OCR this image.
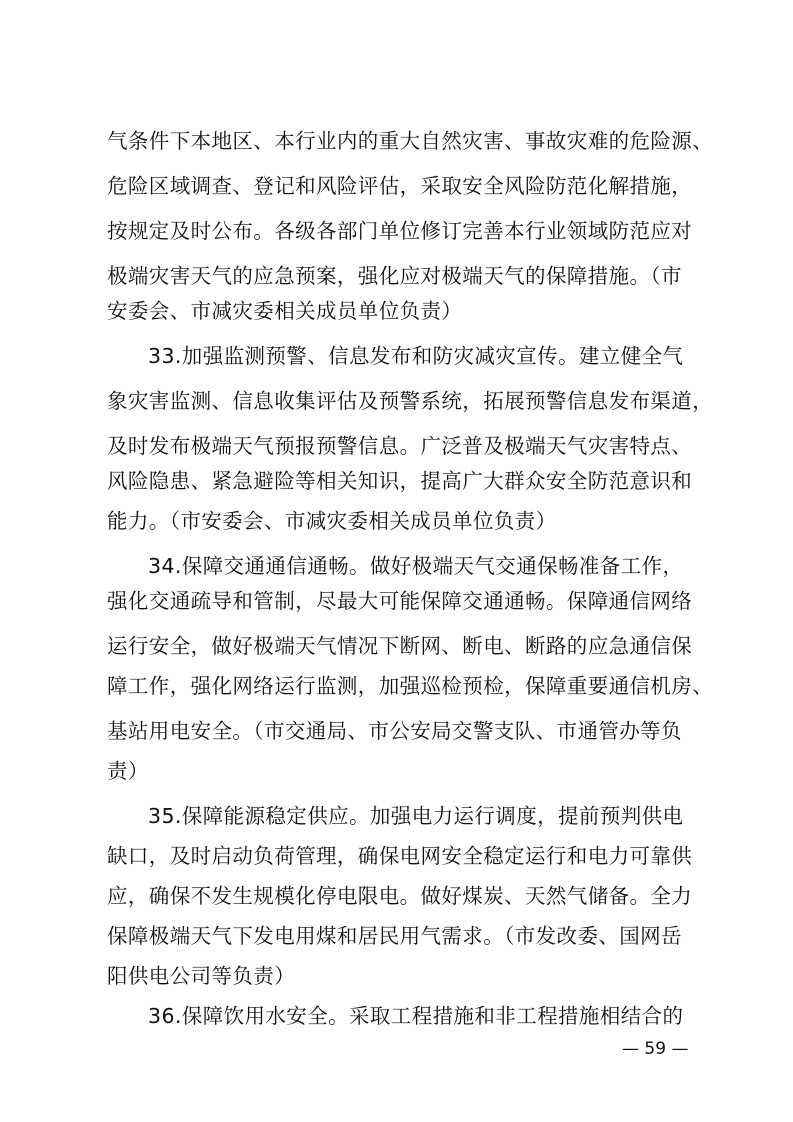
气条件下本地区、本行业内的重大自然灾害、事故灾难的危险源、
危险区域调查、登记和风险评估，采取安全风险防范化解措施，
按规定及时公布。各级各部门单位修订完善本行业领域防范应对
极端灾害天气的应急预案，强化应对极端天气的保障措施。（市
安委会、市减灾委相关成员单位负责）
33.加强监测预警、信息发布和防灾减灾宣传。建立健全气
象灾害监测、信息收集评估及预警系统，拓展预警信息发布渠道，
及时发布极端天气预报预警信息。广泛普及极端天气灾害特点、
风险隐患、紧急避险等相关知识，提高广大群众安全防范意识和
能力。（市安委会、市减灾委相关成员单位负责）
34.保障交通通信通畅。做好极端天气交通保畅准备工作，
强化交通疏导和管制，尽最大可能保障交通通畅。保障通信网络
运行安全，做好极端天气情况下断网、断电、断路的应急通信保
障工作，强化网络运行监测，加强巡检预检，保障重要通信机房、
基站用电安全。（市交通局、市公安局交警支队、市通管办等负
责）
35.保障能源稳定供应。加强电力运行调度，提前预判供电
缺口，及时启动负荷管理，确保电网安全稳定运行和电力可靠供
应，确保不发生规模化停电限电。做好煤炭、天然气储备。全力
保障极端天气下发电用煤和居民用气需求。（市发改委、国网岳
阳供电公司等负责）
36.保障饮用水安全。采取工程措施和非工程措施相结合的
— 59 —
